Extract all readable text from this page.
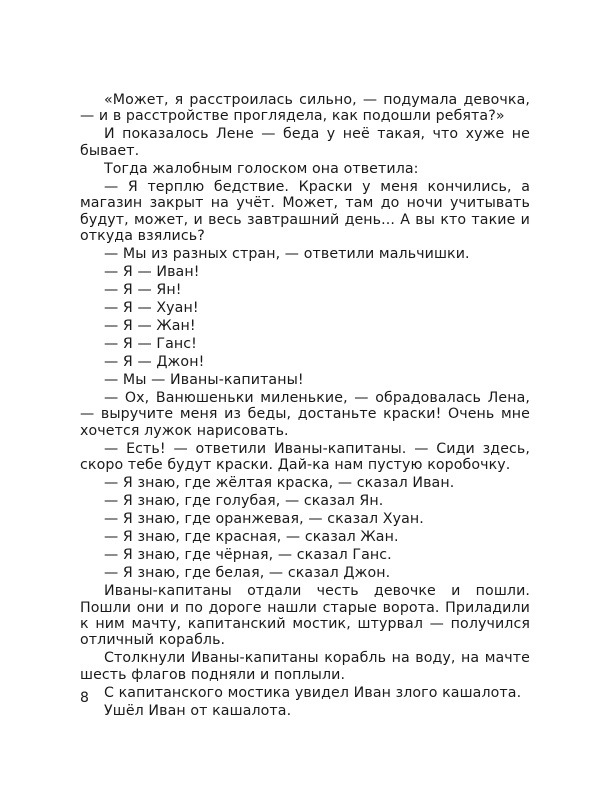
«Может, я расстроилась сильно, — подумала девочка, — и в расстройстве проглядела, как подошли ребята?»

И показалось Лене — беда у неё такая, что хуже не бывает.

Тогда жалобным голоском она ответила:

— Я терплю бедствие. Краски у меня кончились, а магазин закрыт на учёт. Может, там до ночи учитывать будут, может, и весь завтрашний день... А вы кто такие и откуда взялись?

— Мы из разных стран, — ответили мальчишки.

— Я — Иван!

— Я — Ян!

— Я — Хуан!

— Я — Жан!

— Я — Ганс!

— Я — Джон!

— Мы — Иваны-капитаны!

— Ох, Ванюшеньки миленькие, — обрадовалась Лена, — выручите меня из беды, достаньте краски! Очень мне хочется лужок нарисовать.

— Есть! — ответили Иваны-капитаны. — Сиди здесь, скоро тебе будут краски. Дай-ка нам пустую коробочку.

— Я знаю, где жёлтая краска, — сказал Иван.

— Я знаю, где голубая, — сказал Ян.

— Я знаю, где оранжевая, — сказал Хуан.

— Я знаю, где красная, — сказал Жан.

— Я знаю, где чёрная, — сказал Ганс.

— Я знаю, где белая, — сказал Джон.

Иваны-капитаны отдали честь девочке и пошли. Пошли они и по дороге нашли старые ворота. Приладили к ним мачту, капитанский мостик, штурвал — получился отличный корабль.

Столкнули Иваны-капитаны корабль на воду, на мачте шесть флагов подняли и поплыли.

С капитанского мостика увидел Иван злого кашалота.

Ушёл Иван от кашалота.

8
